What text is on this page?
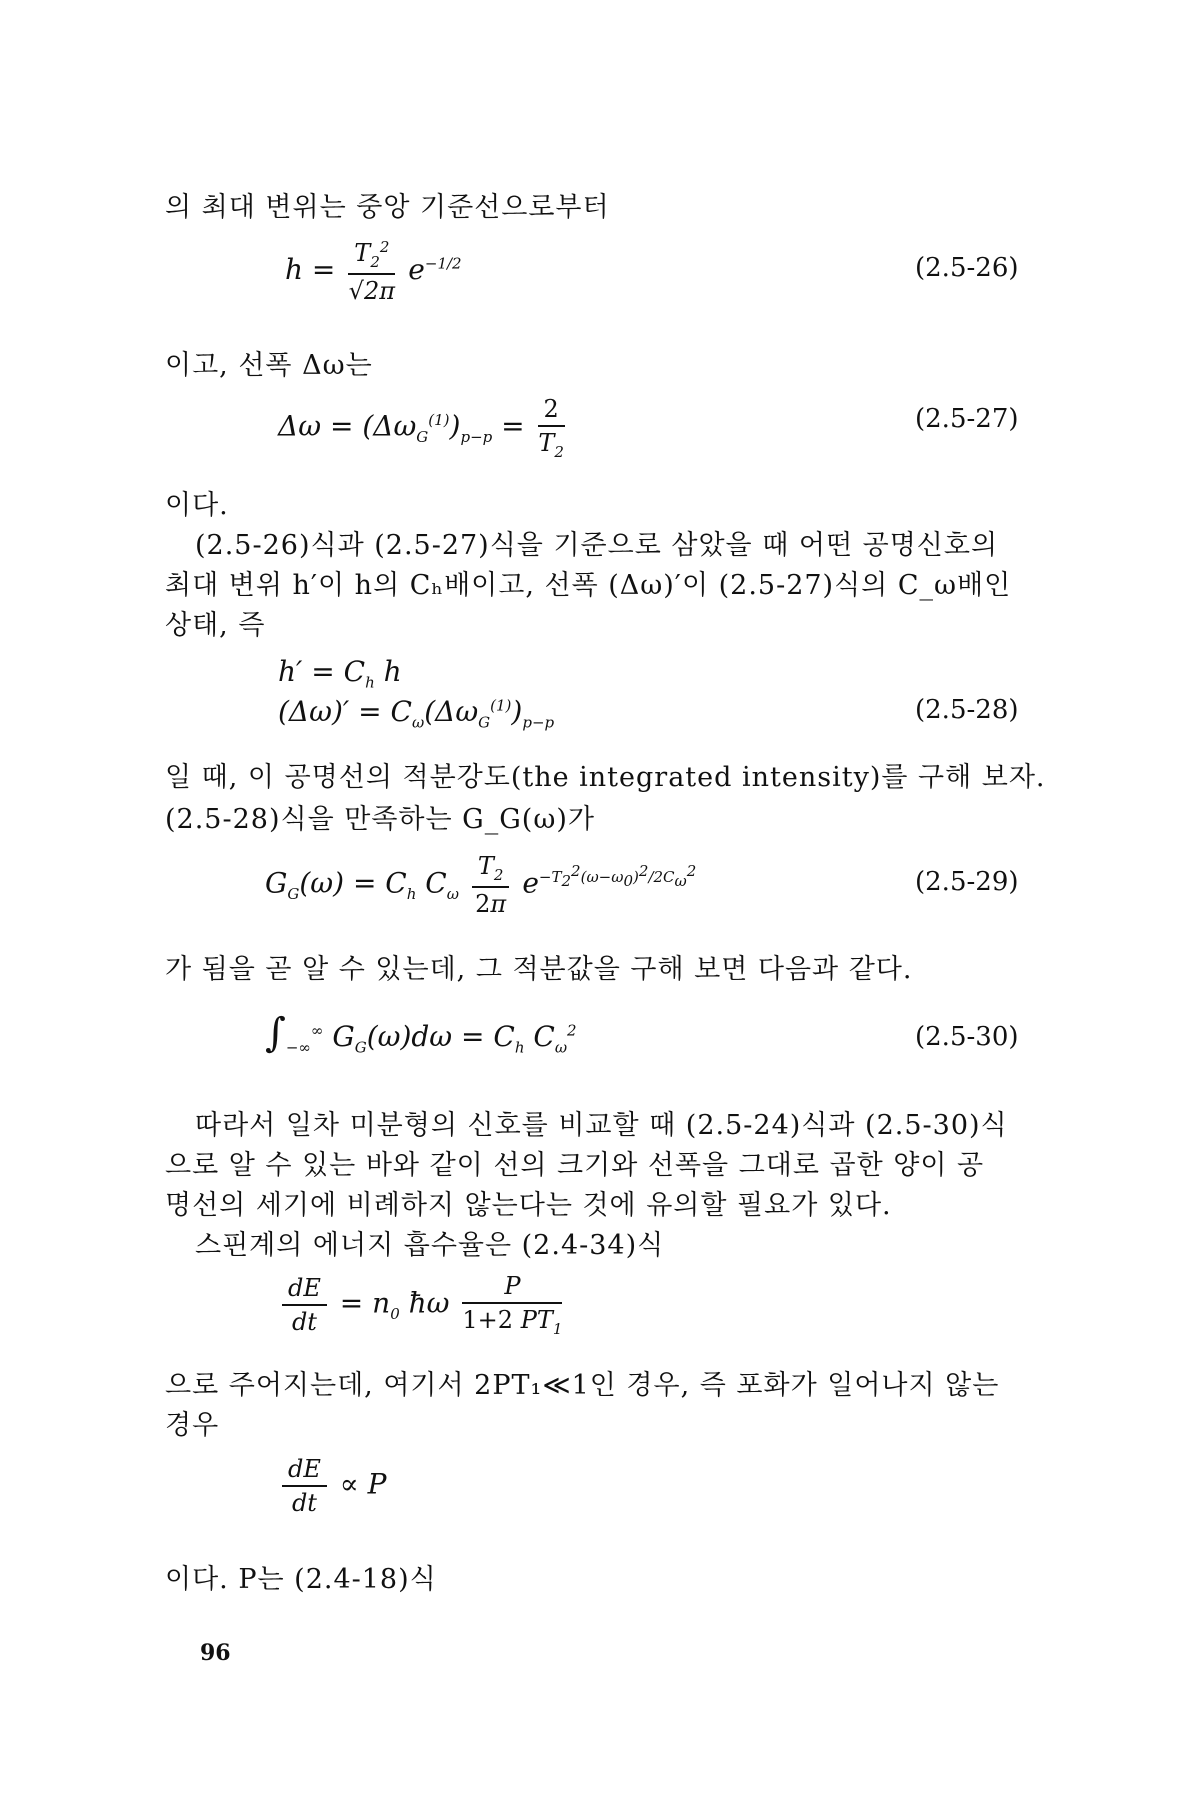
의 최대 변위는 중앙 기준선으로부터
$h = \frac{T_2^2}{√2\pi} e^{-1/2}$	(2.5-26)
이고, 선폭 Δω는
$\Delta\omega = (\Delta\omega_G^{(1)})_{p-p} = \frac{2}{T_2}$	(2.5-27)
이다.
(2.5-26)식과 (2.5-27)식을 기준으로 삼았을 때 어떤 공명신호의
최대 변위 h′이 h의 Cₕ배이고, 선폭 (Δω)′이 (2.5-27)식의 C_ω배인
상태, 즉
$h' = C_h$ h
$(\Delta\omega)' = C_\omega(\Delta\omega_G^{(1)})_{p-p}$	(2.5-28)
일 때, 이 공명선의 적분강도(the integrated intensity)를 구해 보자.
(2.5-28)식을 만족하는 G_G(ω)가
$G_G(\omega) = C_h$ $C_\omega \frac{T_2}{2\pi} e^{-T_2^2(\omega-\omega_0)^2/2C_\omega^2}$	(2.5-29)
가 됨을 곧 알 수 있는데, 그 적분값을 구해 보면 다음과 같다.
$\int_{-\infty}^\infty$ $G_G(\omega)d\omega = C_h$ $C_\omega^2$	(2.5-30)
따라서 일차 미분형의 신호를 비교할 때 (2.5-24)식과 (2.5-30)식
으로 알 수 있는 바와 같이 선의 크기와 선폭을 그대로 곱한 양이 공
명선의 세기에 비례하지 않는다는 것에 유의할 필요가 있다.
스핀계의 에너지 흡수율은 (2.4-34)식
$\frac{dE}{dt} = n_0$ ħω $\frac{P}{1+2 PT_1}$
으로 주어지는데, 여기서 2PT₁≪1인 경우, 즉 포화가 일어나지 않는
경우
$\frac{dE}{dt} \propto P$
이다. P는 (2.4-18)식
96
